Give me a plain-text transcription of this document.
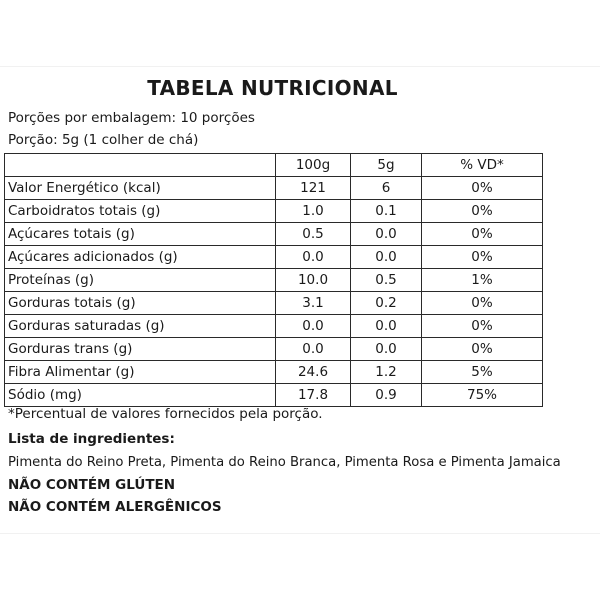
TABELA NUTRICIONAL
Porções por embalagem: 10 porções
Porção: 5g (1 colher de chá)
	100g	5g	% VD*
Valor Energético (kcal)	121	6	0%
Carboidratos totais (g)	1.0	0.1	0%
Açúcares totais (g)	0.5	0.0	0%
Açúcares adicionados (g)	0.0	0.0	0%
Proteínas (g)	10.0	0.5	1%
Gorduras totais (g)	3.1	0.2	0%
Gorduras saturadas (g)	0.0	0.0	0%
Gorduras trans (g)	0.0	0.0	0%
Fibra Alimentar (g)	24.6	1.2	5%
Sódio (mg)	17.8	0.9	75%
*Percentual de valores fornecidos pela porção.
Lista de ingredientes:
Pimenta do Reino Preta, Pimenta do Reino Branca, Pimenta Rosa e Pimenta Jamaica
NÃO CONTÉM GLÚTEN
NÃO CONTÉM ALERGÊNICOS
